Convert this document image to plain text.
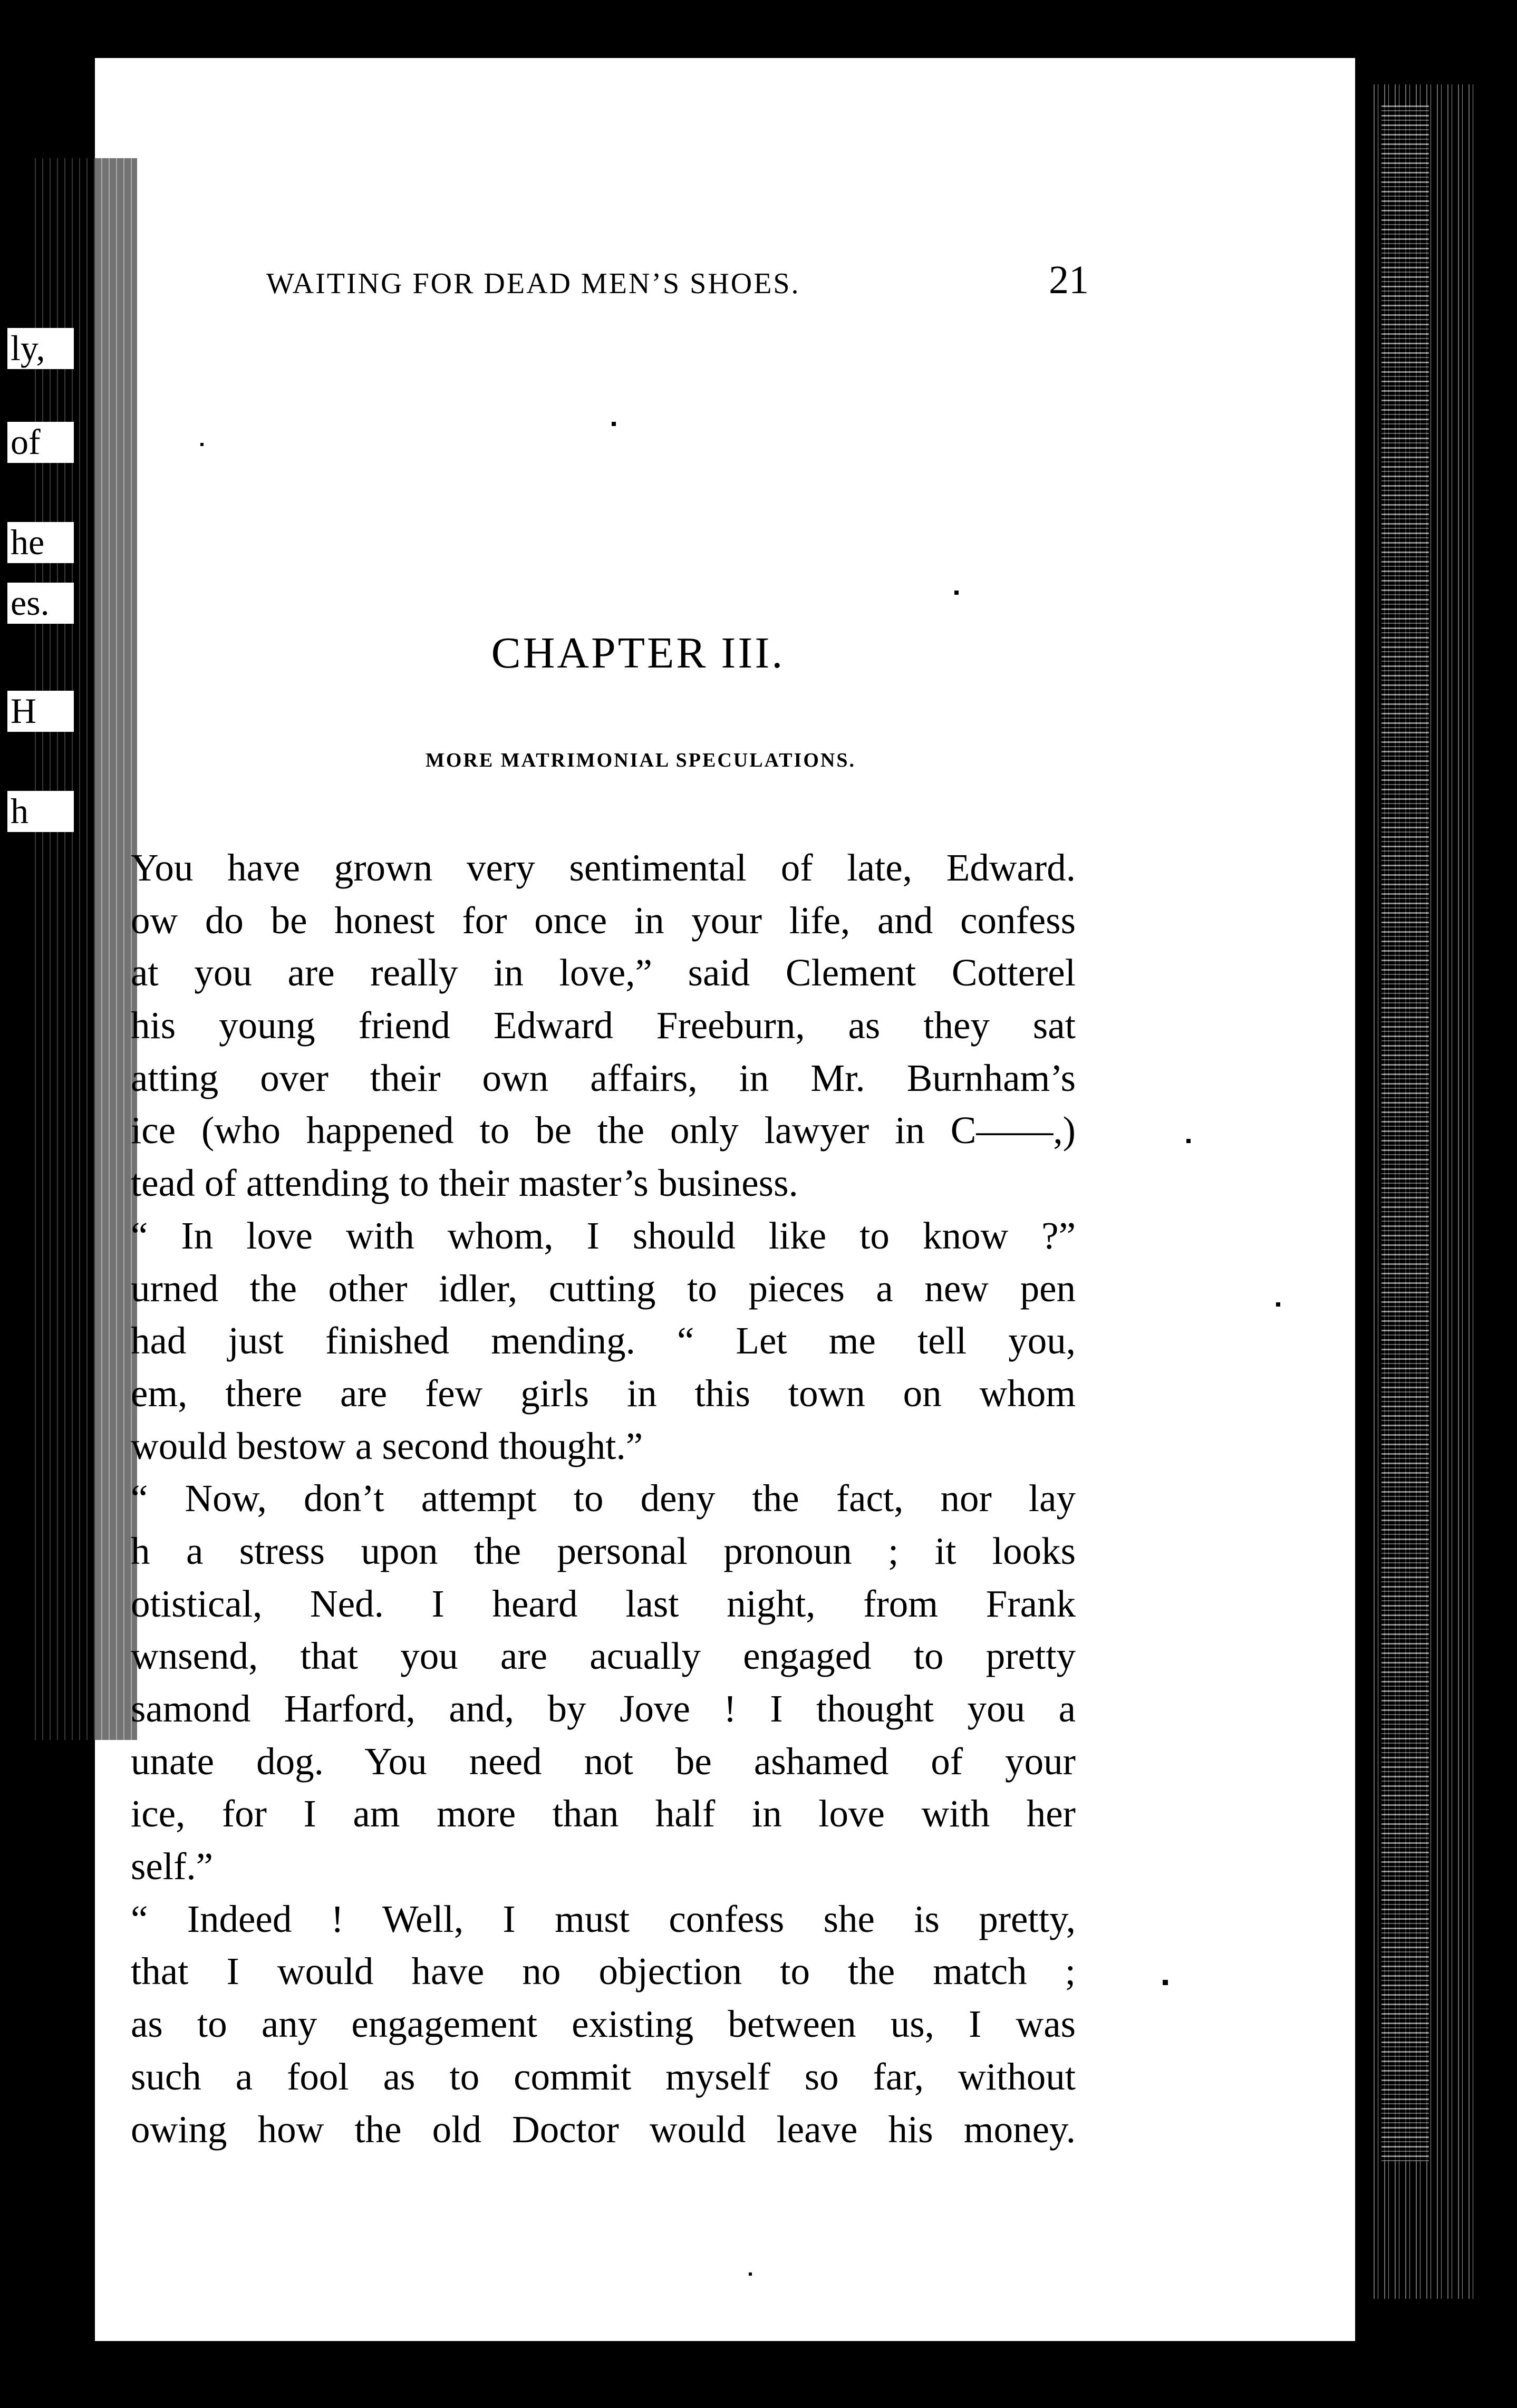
ly,
of
he
es.
H
h
WAITING FOR DEAD MEN’S SHOES.	21
CHAPTER III.
MORE MATRIMONIAL SPECULATIONS.
You have grown very sentimental of late, Edward.
ow do be honest for once in your life, and confess
at you are really in love,” said Clement Cotterel
his young friend Edward Freeburn, as they sat
atting over their own affairs, in Mr. Burnham’s
ice (who happened to be the only lawyer in C——,)
tead of attending to their master’s business.
“ In love with whom, I should like to know ?”
urned the other idler, cutting to pieces a new pen
had just finished mending. “ Let me tell you,
em, there are few girls in this town on whom
would bestow a second thought.”
“ Now, don’t attempt to deny the fact, nor lay
h a stress upon the personal pronoun ; it looks
otistical, Ned. I heard last night, from Frank
wnsend, that you are acually engaged to pretty
samond Harford, and, by Jove ! I thought you a
unate dog. You need not be ashamed of your
ice, for I am more than half in love with her
self.”
“ Indeed ! Well, I must confess she is pretty,
that I would have no objection to the match ;
as to any engagement existing between us, I was
such a fool as to commit myself so far, without
owing how the old Doctor would leave his money.
